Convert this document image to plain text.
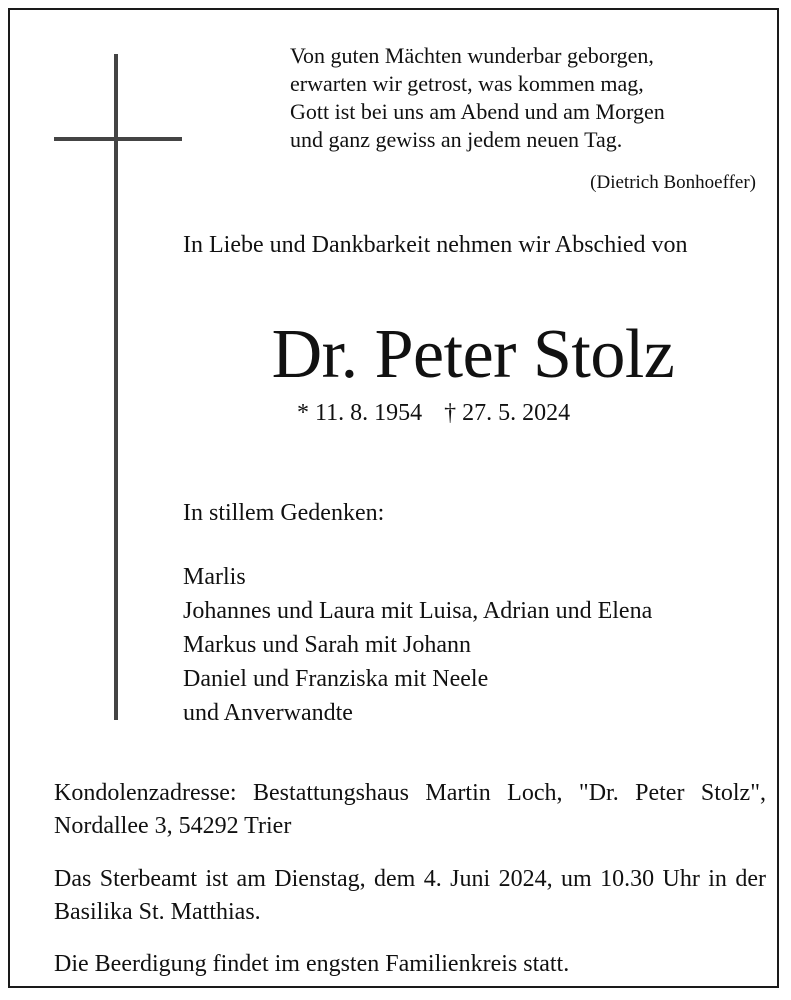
Von guten Mächten wunderbar geborgen,
erwarten wir getrost, was kommen mag,
Gott ist bei uns am Abend und am Morgen
und ganz gewiss an jedem neuen Tag.
(Dietrich Bonhoeffer)
In Liebe und Dankbarkeit nehmen wir Abschied von
Dr. Peter Stolz
* 11. 8. 1954 † 27. 5. 2024
In stillem Gedenken:
Marlis
Johannes und Laura mit Luisa, Adrian und Elena
Markus und Sarah mit Johann
Daniel und Franziska mit Neele
und Anverwandte
Kondolenzadresse: Bestattungshaus Martin Loch, "Dr. Peter Stolz", Nordallee 3, 54292 Trier
Das Sterbeamt ist am Dienstag, dem 4. Juni 2024, um 10.30 Uhr in der Basilika St. Matthias.
Die Beerdigung findet im engsten Familienkreis statt.
